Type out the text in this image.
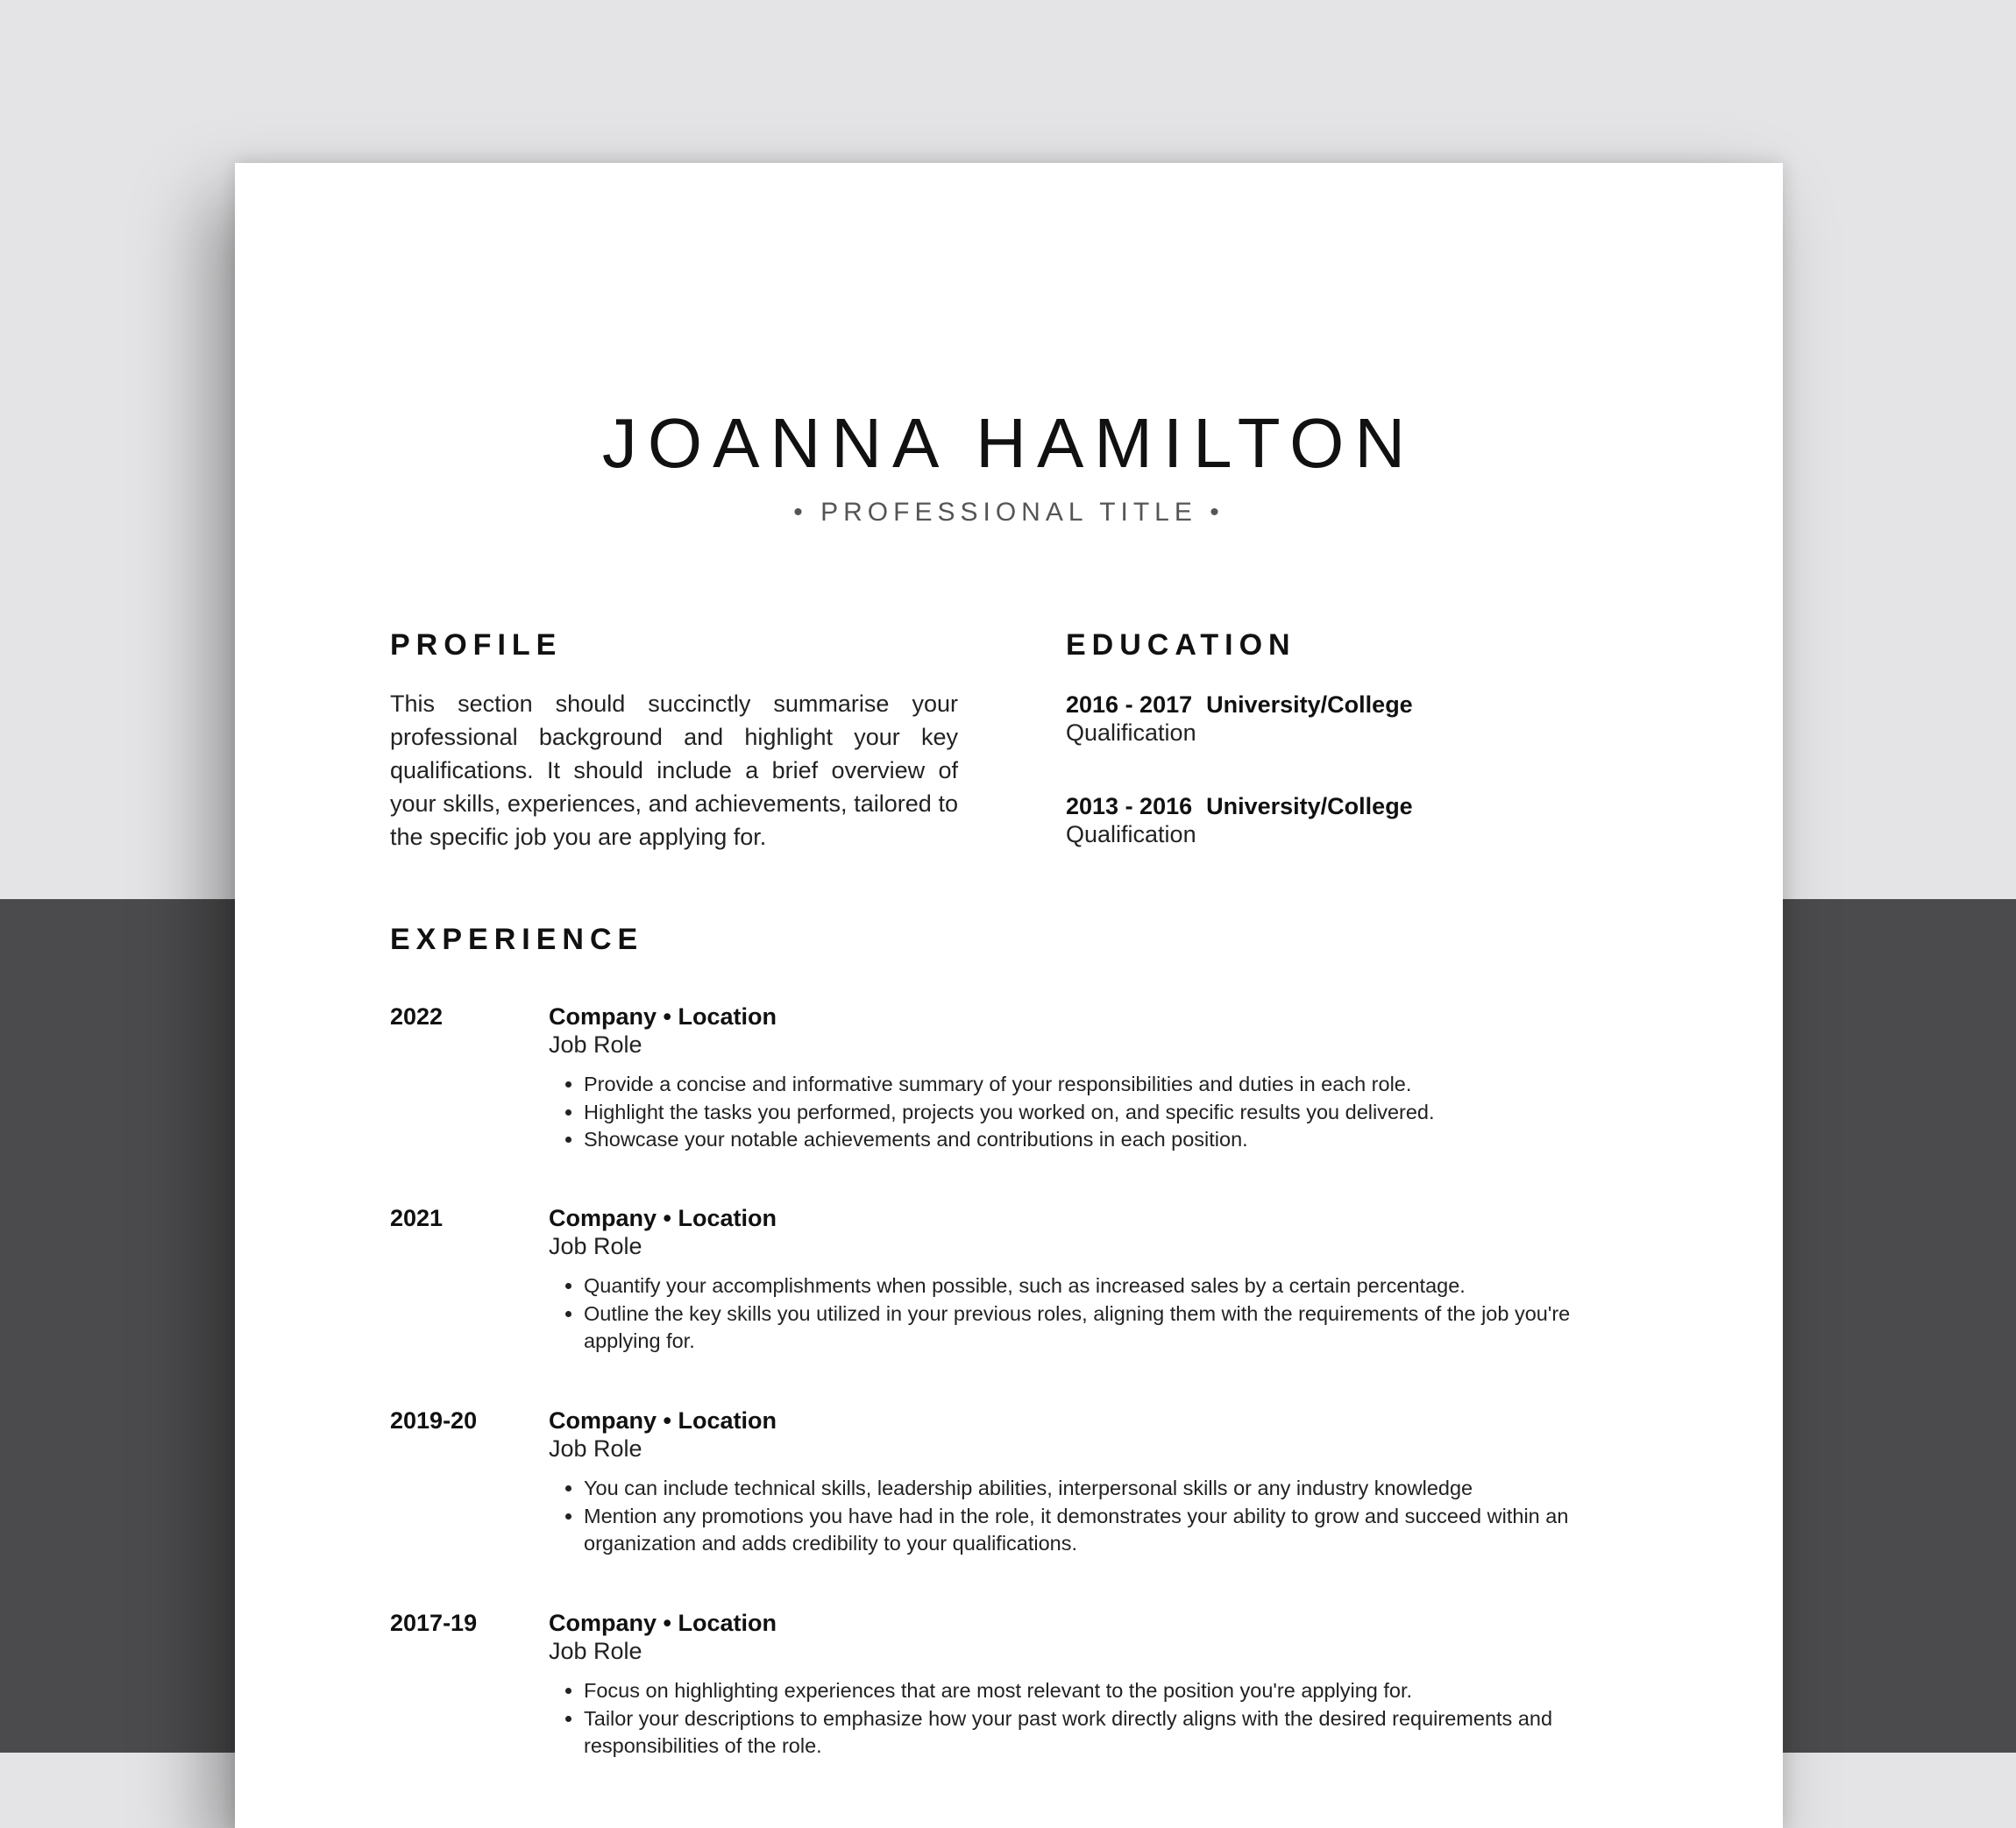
JOANNA HAMILTON
• PROFESSIONAL TITLE •
PROFILE
This section should succinctly summarise your professional background and highlight your key qualifications. It should include a brief overview of your skills, experiences, and achievements, tailored to the specific job you are applying for.
EDUCATION
2016 - 2017 University/College
Qualification
2013 - 2016 University/College
Qualification
EXPERIENCE
2022	Company • Location
Job Role
• Provide a concise and informative summary of your responsibilities and duties in each role.
• Highlight the tasks you performed, projects you worked on, and specific results you delivered.
• Showcase your notable achievements and contributions in each position.
2021	Company • Location
Job Role
• Quantify your accomplishments when possible, such as increased sales by a certain percentage.
• Outline the key skills you utilized in your previous roles, aligning them with the requirements of the job you're applying for.
2019-20	Company • Location
Job Role
• You can include technical skills, leadership abilities, interpersonal skills or any industry knowledge
• Mention any promotions you have had in the role, it demonstrates your ability to grow and succeed within an organization and adds credibility to your qualifications.
2017-19	Company • Location
Job Role
• Focus on highlighting experiences that are most relevant to the position you're applying for.
• Tailor your descriptions to emphasize how your past work directly aligns with the desired requirements and responsibilities of the role.
